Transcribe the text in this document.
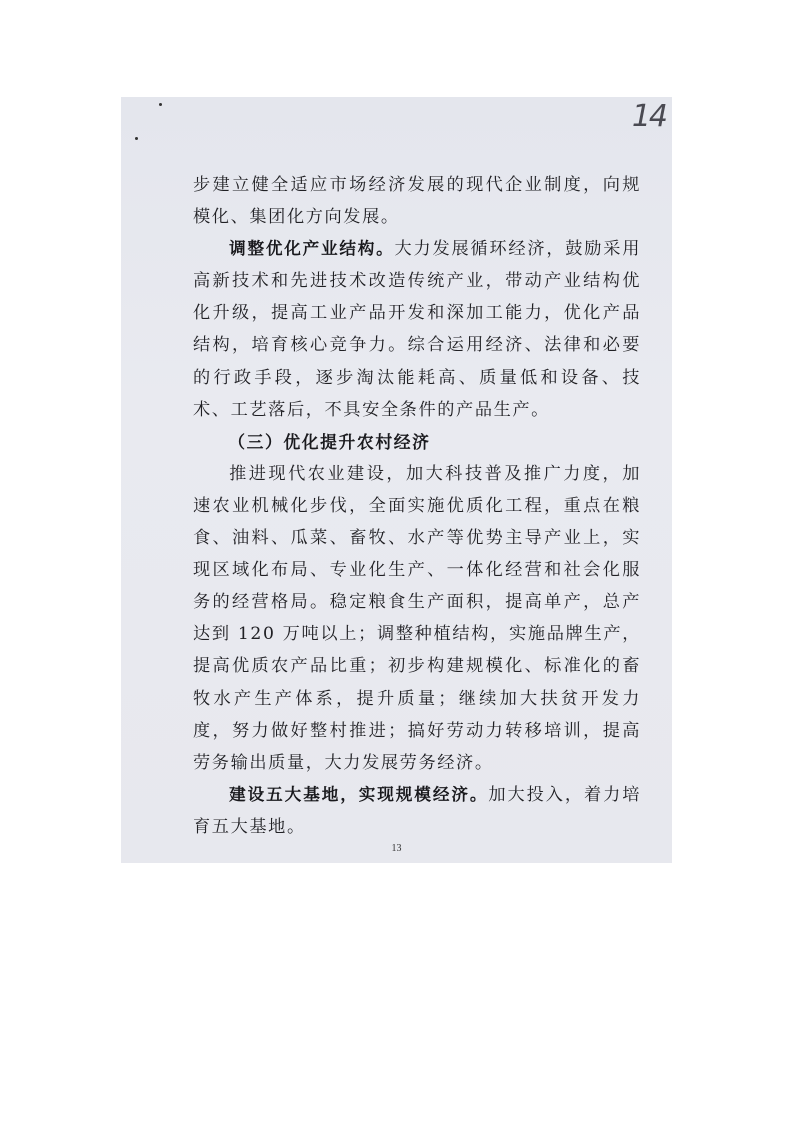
14

步建立健全适应市场经济发展的现代企业制度，向规模化、集团化方向发展。

调整优化产业结构。大力发展循环经济，鼓励采用高新技术和先进技术改造传统产业，带动产业结构优化升级，提高工业产品开发和深加工能力，优化产品结构，培育核心竞争力。综合运用经济、法律和必要的行政手段，逐步淘汰能耗高、质量低和设备、技术、工艺落后，不具安全条件的产品生产。

（三）优化提升农村经济

推进现代农业建设，加大科技普及推广力度，加速农业机械化步伐，全面实施优质化工程，重点在粮食、油料、瓜菜、畜牧、水产等优势主导产业上，实现区域化布局、专业化生产、一体化经营和社会化服务的经营格局。稳定粮食生产面积，提高单产，总产达到 120 万吨以上；调整种植结构，实施品牌生产，提高优质农产品比重；初步构建规模化、标准化的畜牧水产生产体系，提升质量；继续加大扶贫开发力度，努力做好整村推进；搞好劳动力转移培训，提高劳务输出质量，大力发展劳务经济。

建设五大基地，实现规模经济。加大投入，着力培育五大基地。

13
